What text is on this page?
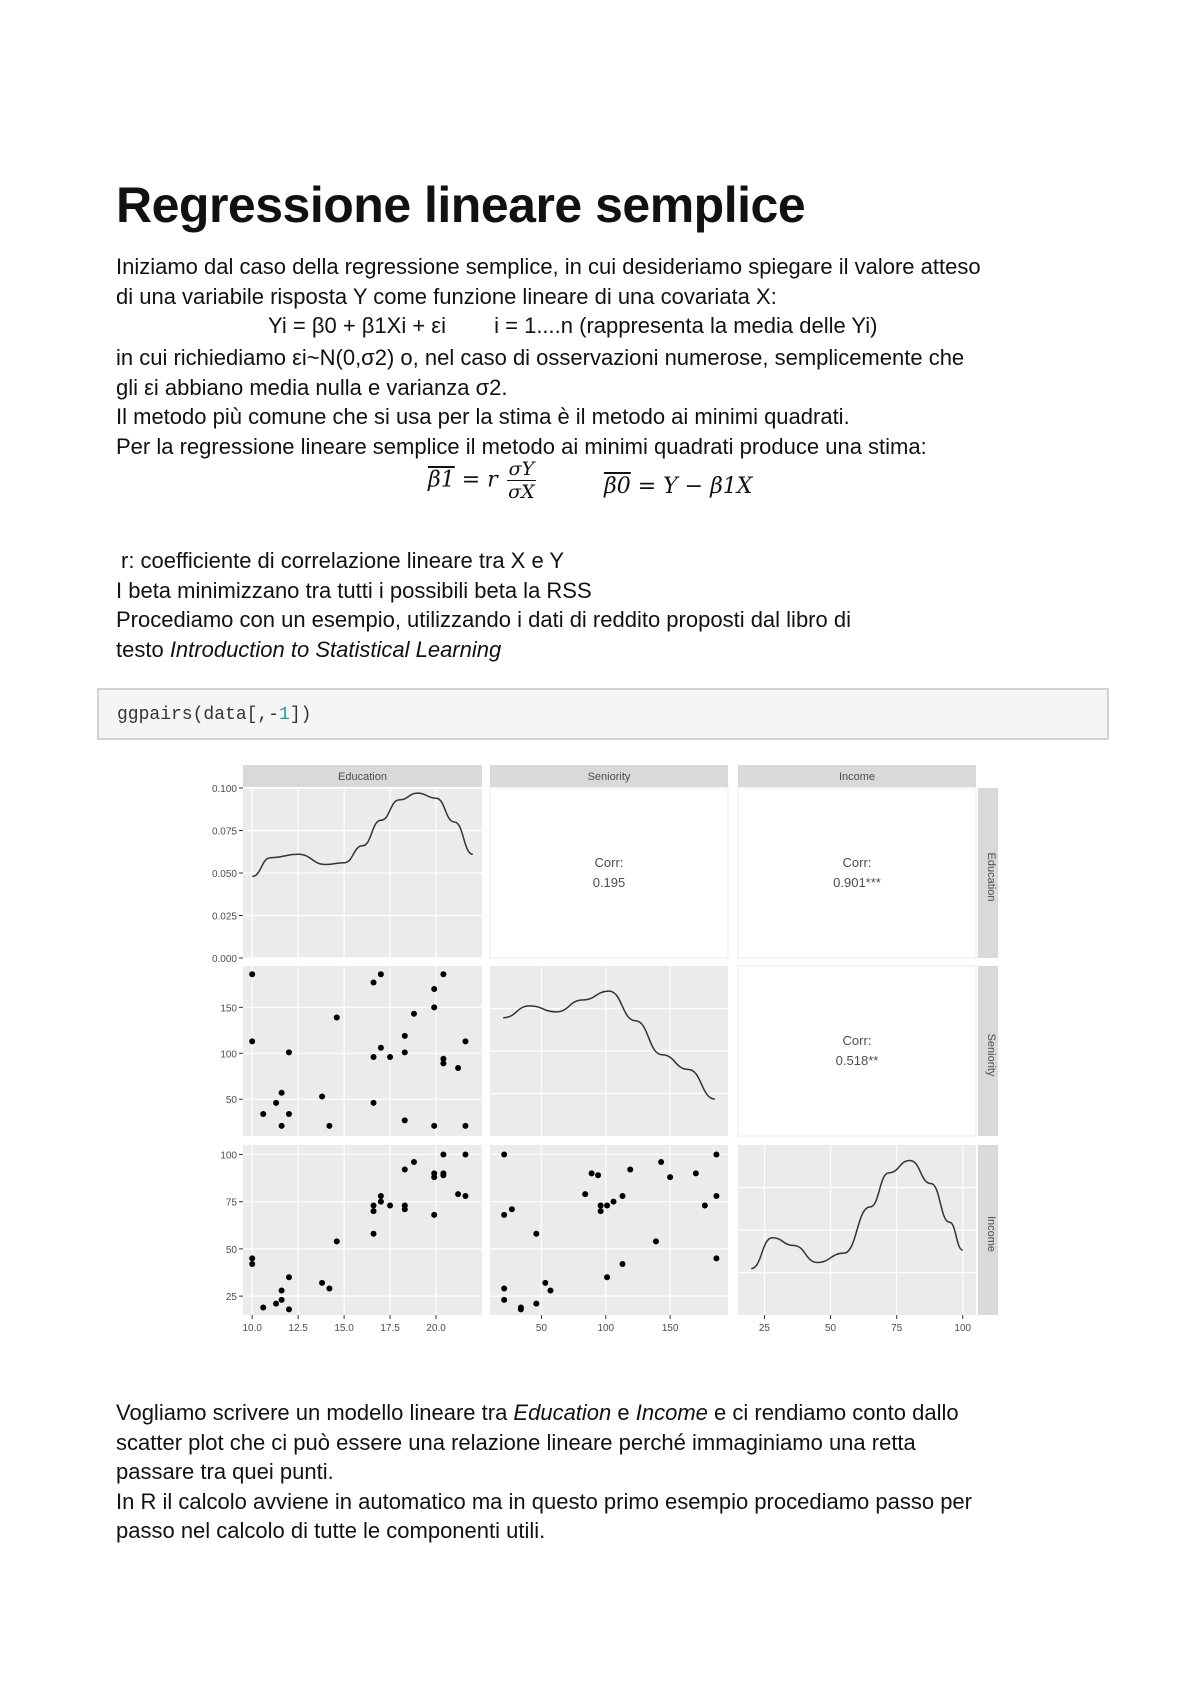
Regressione lineare semplice

Iniziamo dal caso della regressione semplice, in cui desideriamo spiegare il valore atteso
di una variabile risposta Y come funzione lineare di una covariata X:

Yi = β0 + β1Xi + εi i = 1....n (rappresenta la media delle Yi)

in cui richiediamo εi~N(0,σ2) o, nel caso di osservazioni numerose, semplicemente che
gli εi abbiano media nulla e varianza σ2.
Il metodo più comune che si usa per la stima è il metodo ai minimi quadrati.
Per la regressione lineare semplice il metodo ai minimi quadrati produce una stima:

β1 = r $\frac{\sigma Y}{\sigma X}$	β0 = Y − β1X

r: coefficiente di correlazione lineare tra X e Y
I beta minimizzano tra tutti i possibili beta la RSS
Procediamo con un esempio, utilizzando i dati di reddito proposti dal libro di
testo Introduction to Statistical Learning

ggpairs(data[,-1])
Education	Seniority	Income
Education
Seniority
Income
Corr:
0.195
Corr:
0.901***
Corr:
0.518**
0.000
0.025
0.050
0.075
0.100
50
100
150
25
50
75
100
10.0	12.5	15.0	17.5	20.0	50	100	150	25	50	75	100

Vogliamo scrivere un modello lineare tra Education e Income e ci rendiamo conto dallo
scatter plot che ci può essere una relazione lineare perché immaginiamo una retta
passare tra quei punti.
In R il calcolo avviene in automatico ma in questo primo esempio procediamo passo per
passo nel calcolo di tutte le componenti utili.
